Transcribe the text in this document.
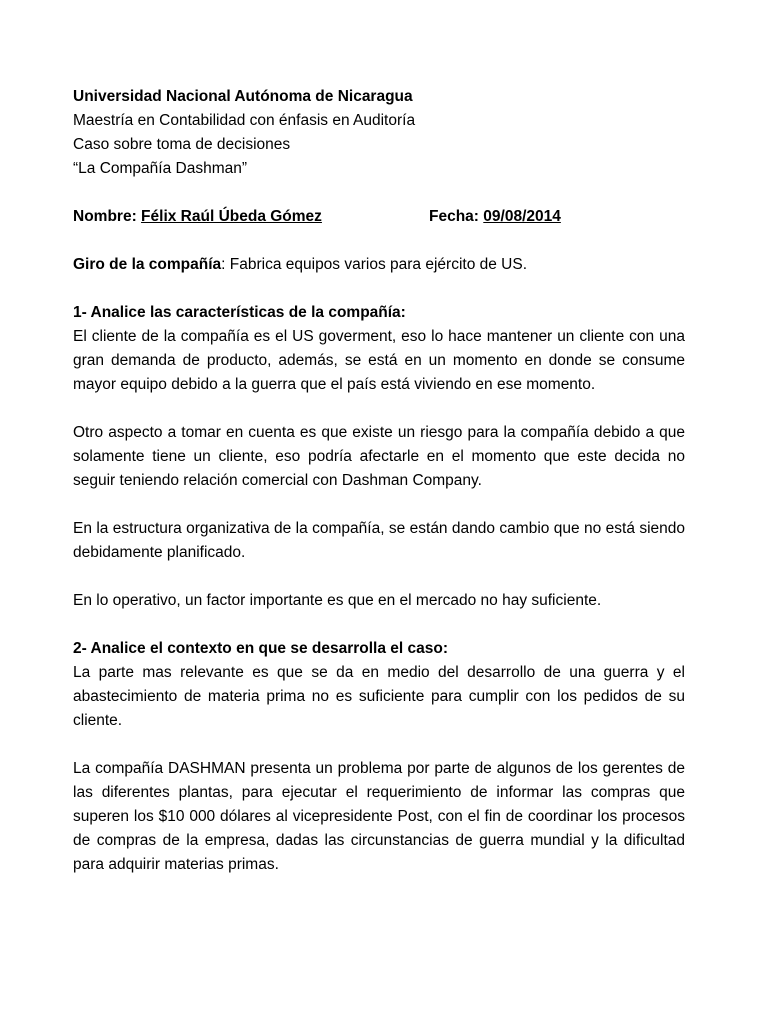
Universidad Nacional Autónoma de Nicaragua
Maestría en Contabilidad con énfasis en Auditoría
Caso sobre toma de decisiones
“La Compañía Dashman”
Nombre: Félix Raúl Úbeda Gómez	Fecha: 09/08/2014
Giro de la compañía: Fabrica equipos varios para ejército de US.
1- Analice las características de la compañía:
El cliente de la compañía es el US goverment, eso lo hace mantener un cliente con una gran demanda de producto, además, se está en un momento en donde se consume mayor equipo debido a la guerra que el país está viviendo en ese momento.
Otro aspecto a tomar en cuenta es que existe un riesgo para la compañía debido a que solamente tiene un cliente, eso podría afectarle en el momento que este decida no seguir teniendo relación comercial con Dashman Company.
En la estructura organizativa de la compañía, se están dando cambio que no está siendo debidamente planificado.
En lo operativo, un factor importante es que en el mercado no hay suficiente.
2- Analice el contexto en que se desarrolla el caso:
La parte mas relevante es que se da en medio del desarrollo de una guerra y el abastecimiento de materia prima no es suficiente para cumplir con los pedidos de su cliente.
La compañía DASHMAN presenta un problema por parte de algunos de los gerentes de las diferentes plantas, para ejecutar el requerimiento de informar las compras que superen los $10 000 dólares al vicepresidente Post, con el fin de coordinar los procesos de compras de la empresa, dadas las circunstancias de guerra mundial y la dificultad para adquirir materias primas.
